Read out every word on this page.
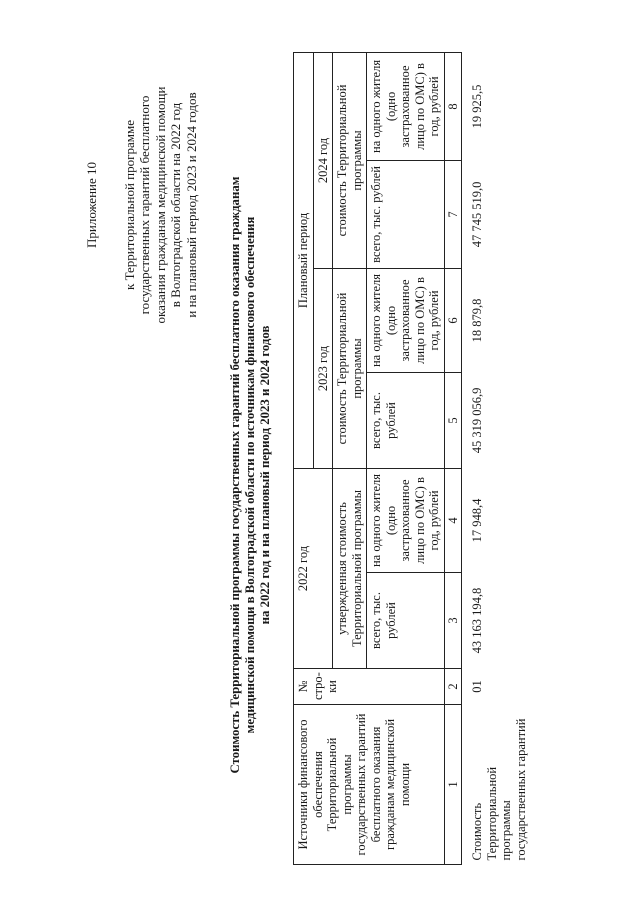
Приложение 10 к Территориальной программе государственных гарантий бесплатного оказания гражданам медицинской помощи в Волгоградской области на 2022 год и на плановый период 2023 и 2024 годов Стоимость Территориальной программы государственных гарантий бесплатного оказания гражданам медицинской помощи в Волгоградской области по источникам финансового обеспечения на 2022 год и на плановый период 2023 и 2024 годов
Источники финансового обеспечения Территориальной программы государственных гарантий бесплатного оказания гражданам медицинской помощи	№ стро-ки	2022 год		Плановый период			
				2023 год		2024 год	
		утвержденная стоимость Территориальной программы		стоимость Территориальной программы		стоимость Территориальной программы	
		всего, тыс. рублей	на одного жителя (одно застрахованное лицо по ОМС) в год, рублей	всего, тыс. рублей	на одного жителя (одно застрахованное лицо по ОМС) в год, рублей	всего, тыс. рублей	на одного жителя (одно застрахованное лицо по ОМС) в год, рублей
1	2	3	4	5	6	7	8
Стоимость Территориальной программы государственных гарантий	01	43 163 194,8	17 948,4	45 319 056,9	18 879,8	47 745 519,0	19 925,5
